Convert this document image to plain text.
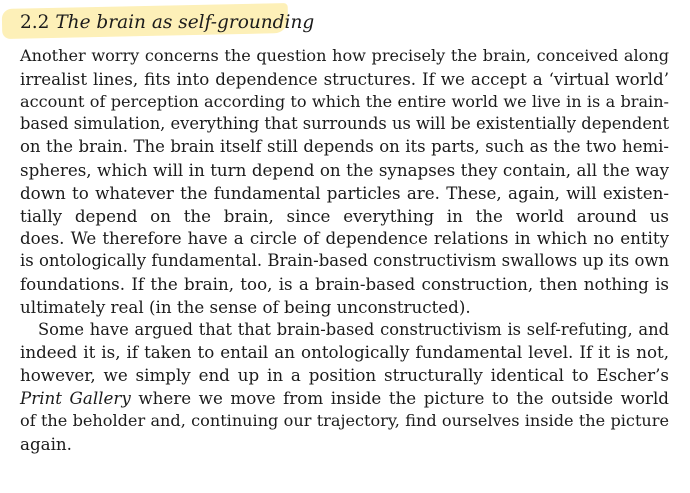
2.2 The brain as self-grounding
Another worry concerns the question how precisely the brain, conceived along
irrealist lines, fits into dependence structures. If we accept a ‘virtual world’
account of perception according to which the entire world we live in is a brain-
based simulation, everything that surrounds us will be existentially dependent
on the brain. The brain itself still depends on its parts, such as the two hemi-
spheres, which will in turn depend on the synapses they contain, all the way
down to whatever the fundamental particles are. These, again, will existen-
tially depend on the brain, since everything in the world around us
does. We therefore have a circle of dependence relations in which no entity
is ontologically fundamental. Brain-based constructivism swallows up its own
foundations. If the brain, too, is a brain-based construction, then nothing is
ultimately real (in the sense of being unconstructed).
Some have argued that that brain-based constructivism is self-refuting, and
indeed it is, if taken to entail an ontologically fundamental level. If it is not,
however, we simply end up in a position structurally identical to Escher’s
Print Gallery where we move from inside the picture to the outside world
of the beholder and, continuing our trajectory, find ourselves inside the picture
again.
